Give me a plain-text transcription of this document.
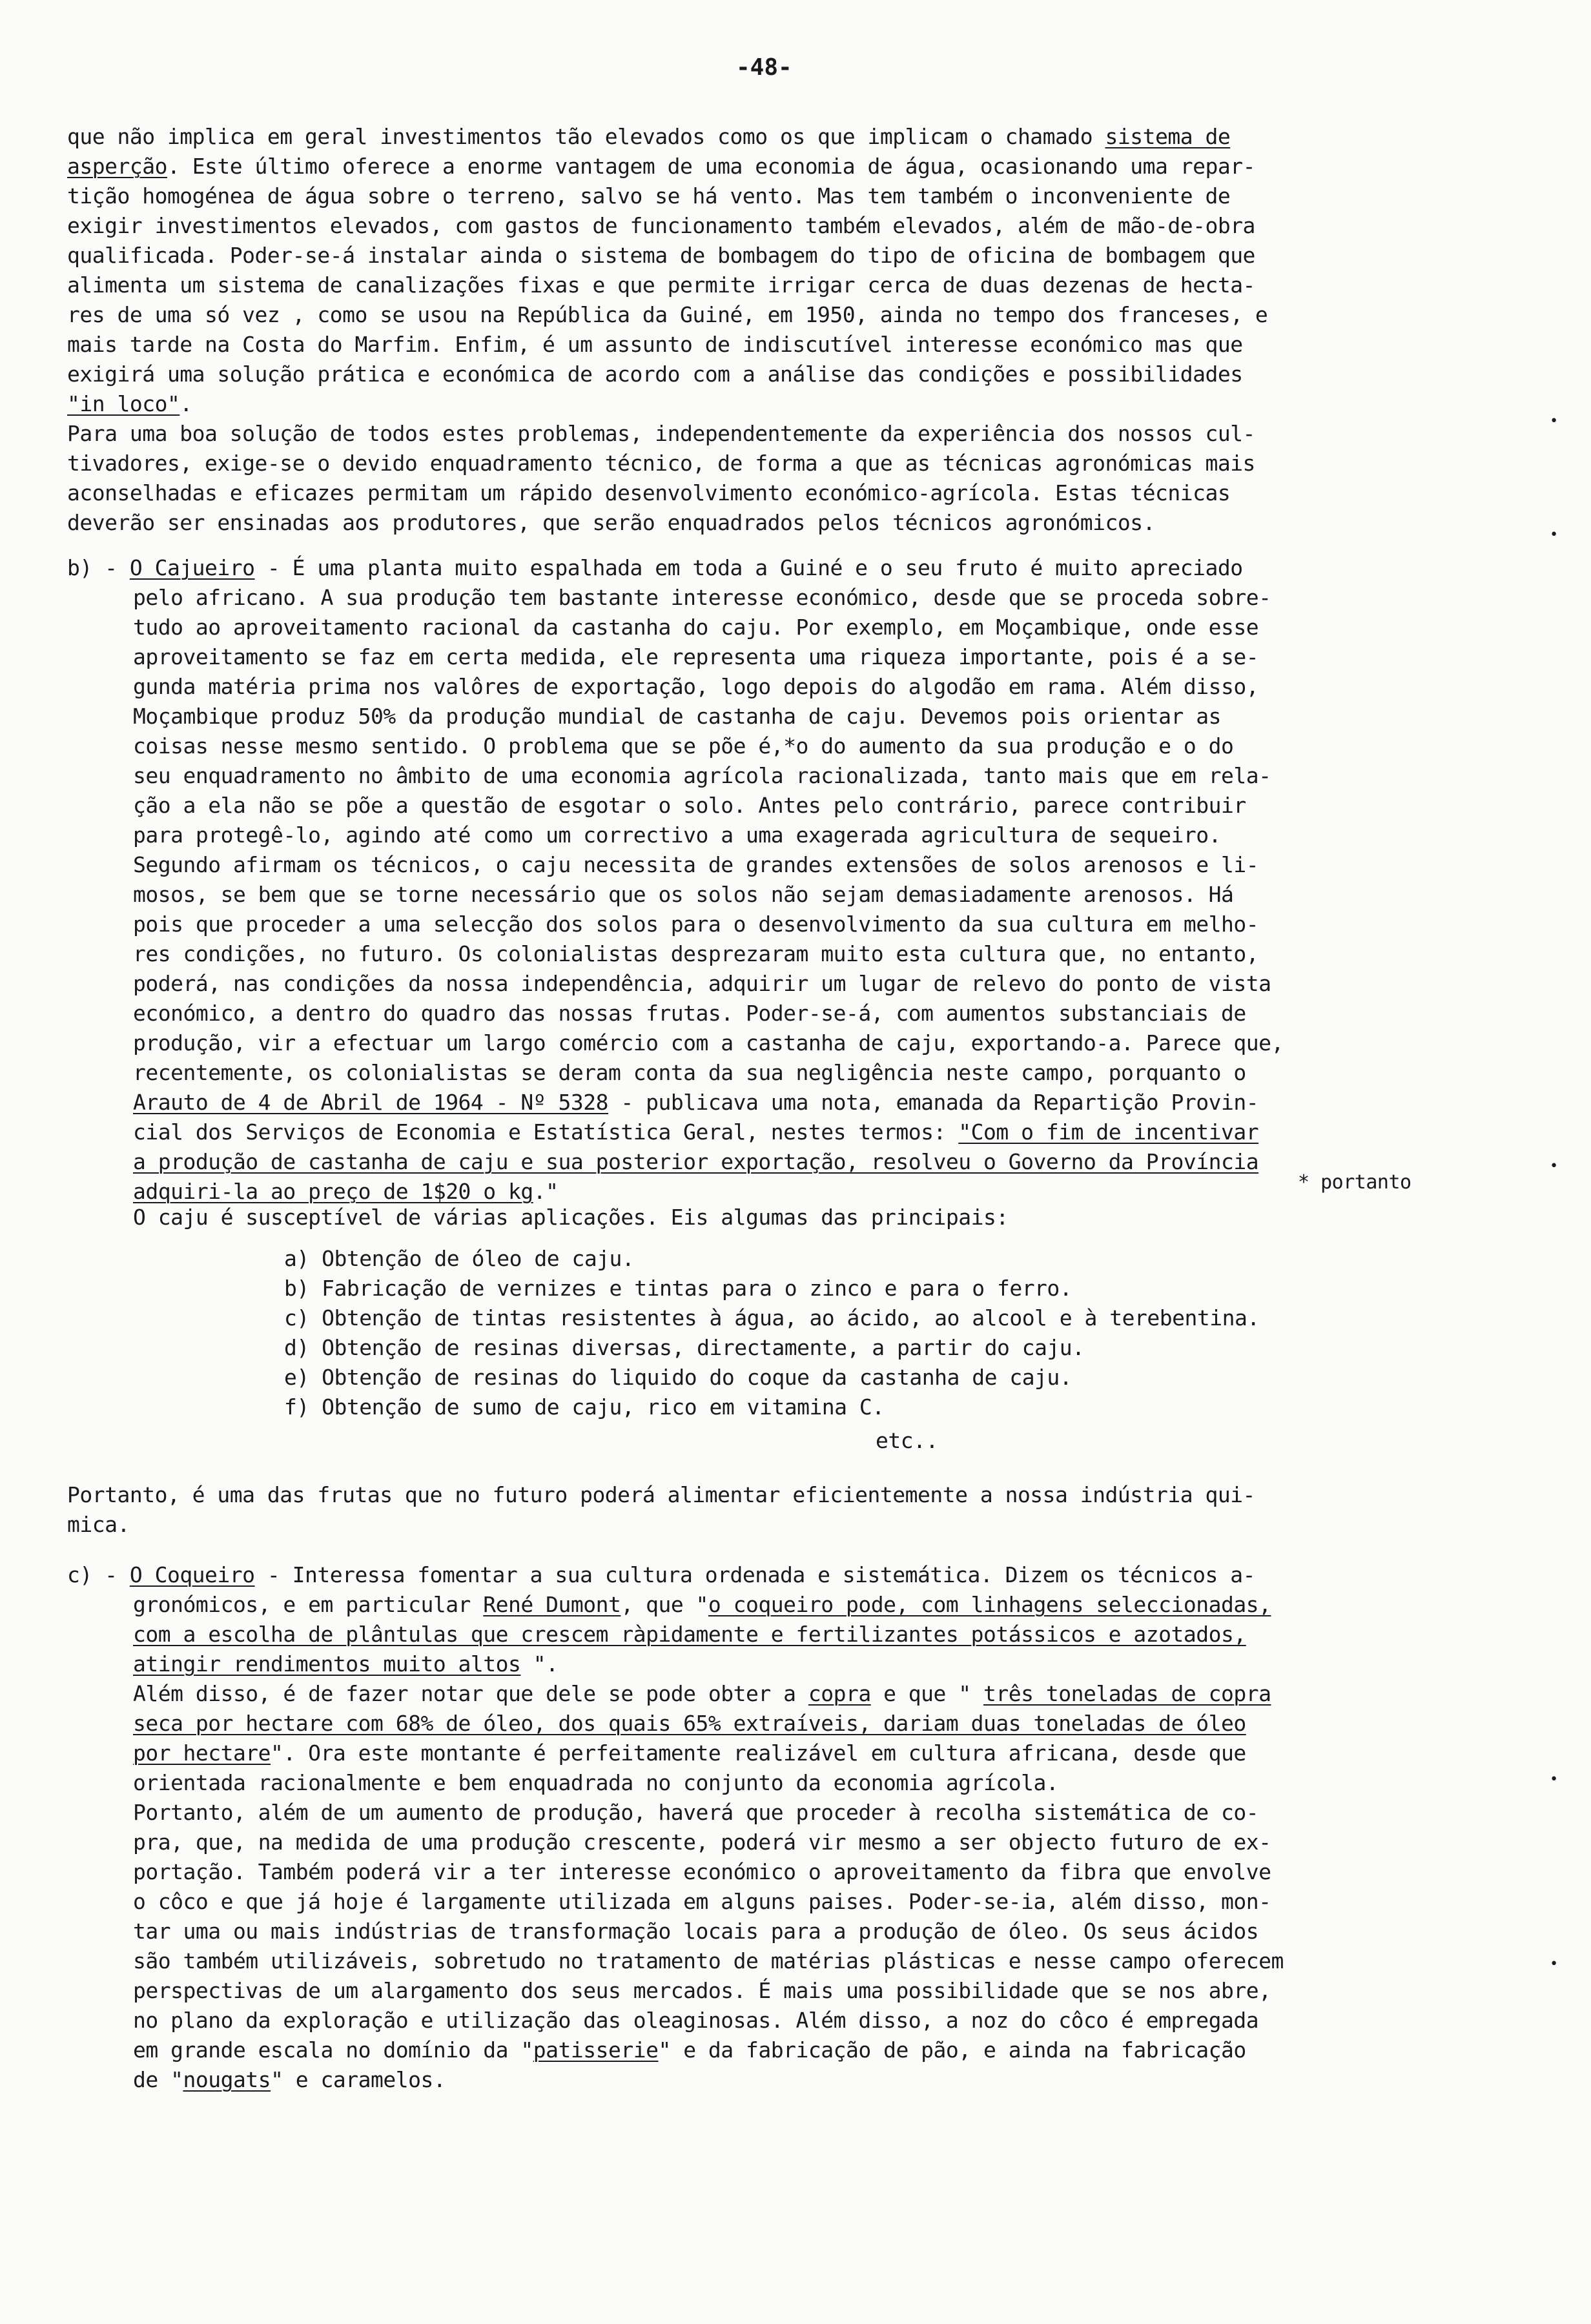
-48-
que não implica em geral investimentos tão elevados como os que implicam o chamado sistema de
asperção. Este último oferece a enorme vantagem de uma economia de água, ocasionando uma repar-
tição homogénea de água sobre o terreno, salvo se há vento. Mas tem também o inconveniente de
exigir investimentos elevados, com gastos de funcionamento também elevados, além de mão-de-obra
qualificada. Poder-se-á instalar ainda o sistema de bombagem do tipo de oficina de bombagem que
alimenta um sistema de canalizações fixas e que permite irrigar cerca de duas dezenas de hecta-
res de uma só vez , como se usou na República da Guiné, em 1950, ainda no tempo dos franceses, e
mais tarde na Costa do Marfim. Enfim, é um assunto de indiscutível interesse económico mas que
exigirá uma solução prática e económica de acordo com a análise das condições e possibilidades
"in loco".
Para uma boa solução de todos estes problemas, independentemente da experiência dos nossos cul-
tivadores, exige-se o devido enquadramento técnico, de forma a que as técnicas agronómicas mais
aconselhadas e eficazes permitam um rápido desenvolvimento económico-agrícola. Estas técnicas
deverão ser ensinadas aos produtores, que serão enquadrados pelos técnicos agronómicos.
b) - O Cajueiro - É uma planta muito espalhada em toda a Guiné e o seu fruto é muito apreciado
pelo africano. A sua produção tem bastante interesse económico, desde que se proceda sobre-
tudo ao aproveitamento racional da castanha do caju. Por exemplo, em Moçambique, onde esse
aproveitamento se faz em certa medida, ele representa uma riqueza importante, pois é a se-
gunda matéria prima nos valôres de exportação, logo depois do algodão em rama. Além disso,
Moçambique produz 50% da produção mundial de castanha de caju. Devemos pois orientar as
coisas nesse mesmo sentido. O problema que se põe é,*o do aumento da sua produção e o do
seu enquadramento no âmbito de uma economia agrícola racionalizada, tanto mais que em rela-
ção a ela não se põe a questão de esgotar o solo. Antes pelo contrário, parece contribuir
para protegê-lo, agindo até como um correctivo a uma exagerada agricultura de sequeiro.
Segundo afirmam os técnicos, o caju necessita de grandes extensões de solos arenosos e li-
mosos, se bem que se torne necessário que os solos não sejam demasiadamente arenosos. Há
pois que proceder a uma selecção dos solos para o desenvolvimento da sua cultura em melho-
res condições, no futuro. Os colonialistas desprezaram muito esta cultura que, no entanto,
poderá, nas condições da nossa independência, adquirir um lugar de relevo do ponto de vista
económico, a dentro do quadro das nossas frutas. Poder-se-á, com aumentos substanciais de
produção, vir a efectuar um largo comércio com a castanha de caju, exportando-a. Parece que,
recentemente, os colonialistas se deram conta da sua negligência neste campo, porquanto o
Arauto de 4 de Abril de 1964 - Nº 5328 - publicava uma nota, emanada da Repartição Provin-
cial dos Serviços de Economia e Estatística Geral, nestes termos: "Com o fim de incentivar
a produção de castanha de caju e sua posterior exportação, resolveu o Governo da Província
adquiri-la ao preço de 1$20 o kg."	* portanto
O caju é susceptível de várias aplicações. Eis algumas das principais:
a) Obtenção de óleo de caju.
b) Fabricação de vernizes e tintas para o zinco e para o ferro.
c) Obtenção de tintas resistentes à água, ao ácido, ao alcool e à terebentina.
d) Obtenção de resinas diversas, directamente, a partir do caju.
e) Obtenção de resinas do liquido do coque da castanha de caju.
f) Obtenção de sumo de caju, rico em vitamina C.
etc..
Portanto, é uma das frutas que no futuro poderá alimentar eficientemente a nossa indústria qui-
mica.
c) - O Coqueiro - Interessa fomentar a sua cultura ordenada e sistemática. Dizem os técnicos a-
gronómicos, e em particular René Dumont, que "o coqueiro pode, com linhagens seleccionadas,
com a escolha de plântulas que crescem ràpidamente e fertilizantes potássicos e azotados,
atingir rendimentos muito altos ".
Além disso, é de fazer notar que dele se pode obter a copra e que " três toneladas de copra
seca por hectare com 68% de óleo, dos quais 65% extraíveis, dariam duas toneladas de óleo
por hectare". Ora este montante é perfeitamente realizável em cultura africana, desde que
orientada racionalmente e bem enquadrada no conjunto da economia agrícola.
Portanto, além de um aumento de produção, haverá que proceder à recolha sistemática de co-
pra, que, na medida de uma produção crescente, poderá vir mesmo a ser objecto futuro de ex-
portação. Também poderá vir a ter interesse económico o aproveitamento da fibra que envolve
o côco e que já hoje é largamente utilizada em alguns paises. Poder-se-ia, além disso, mon-
tar uma ou mais indústrias de transformação locais para a produção de óleo. Os seus ácidos
são também utilizáveis, sobretudo no tratamento de matérias plásticas e nesse campo oferecem
perspectivas de um alargamento dos seus mercados. É mais uma possibilidade que se nos abre,
no plano da exploração e utilização das oleaginosas. Além disso, a noz do côco é empregada
em grande escala no domínio da "patisserie" e da fabricação de pão, e ainda na fabricação
de "nougats" e caramelos.
•
•
•
•
•
